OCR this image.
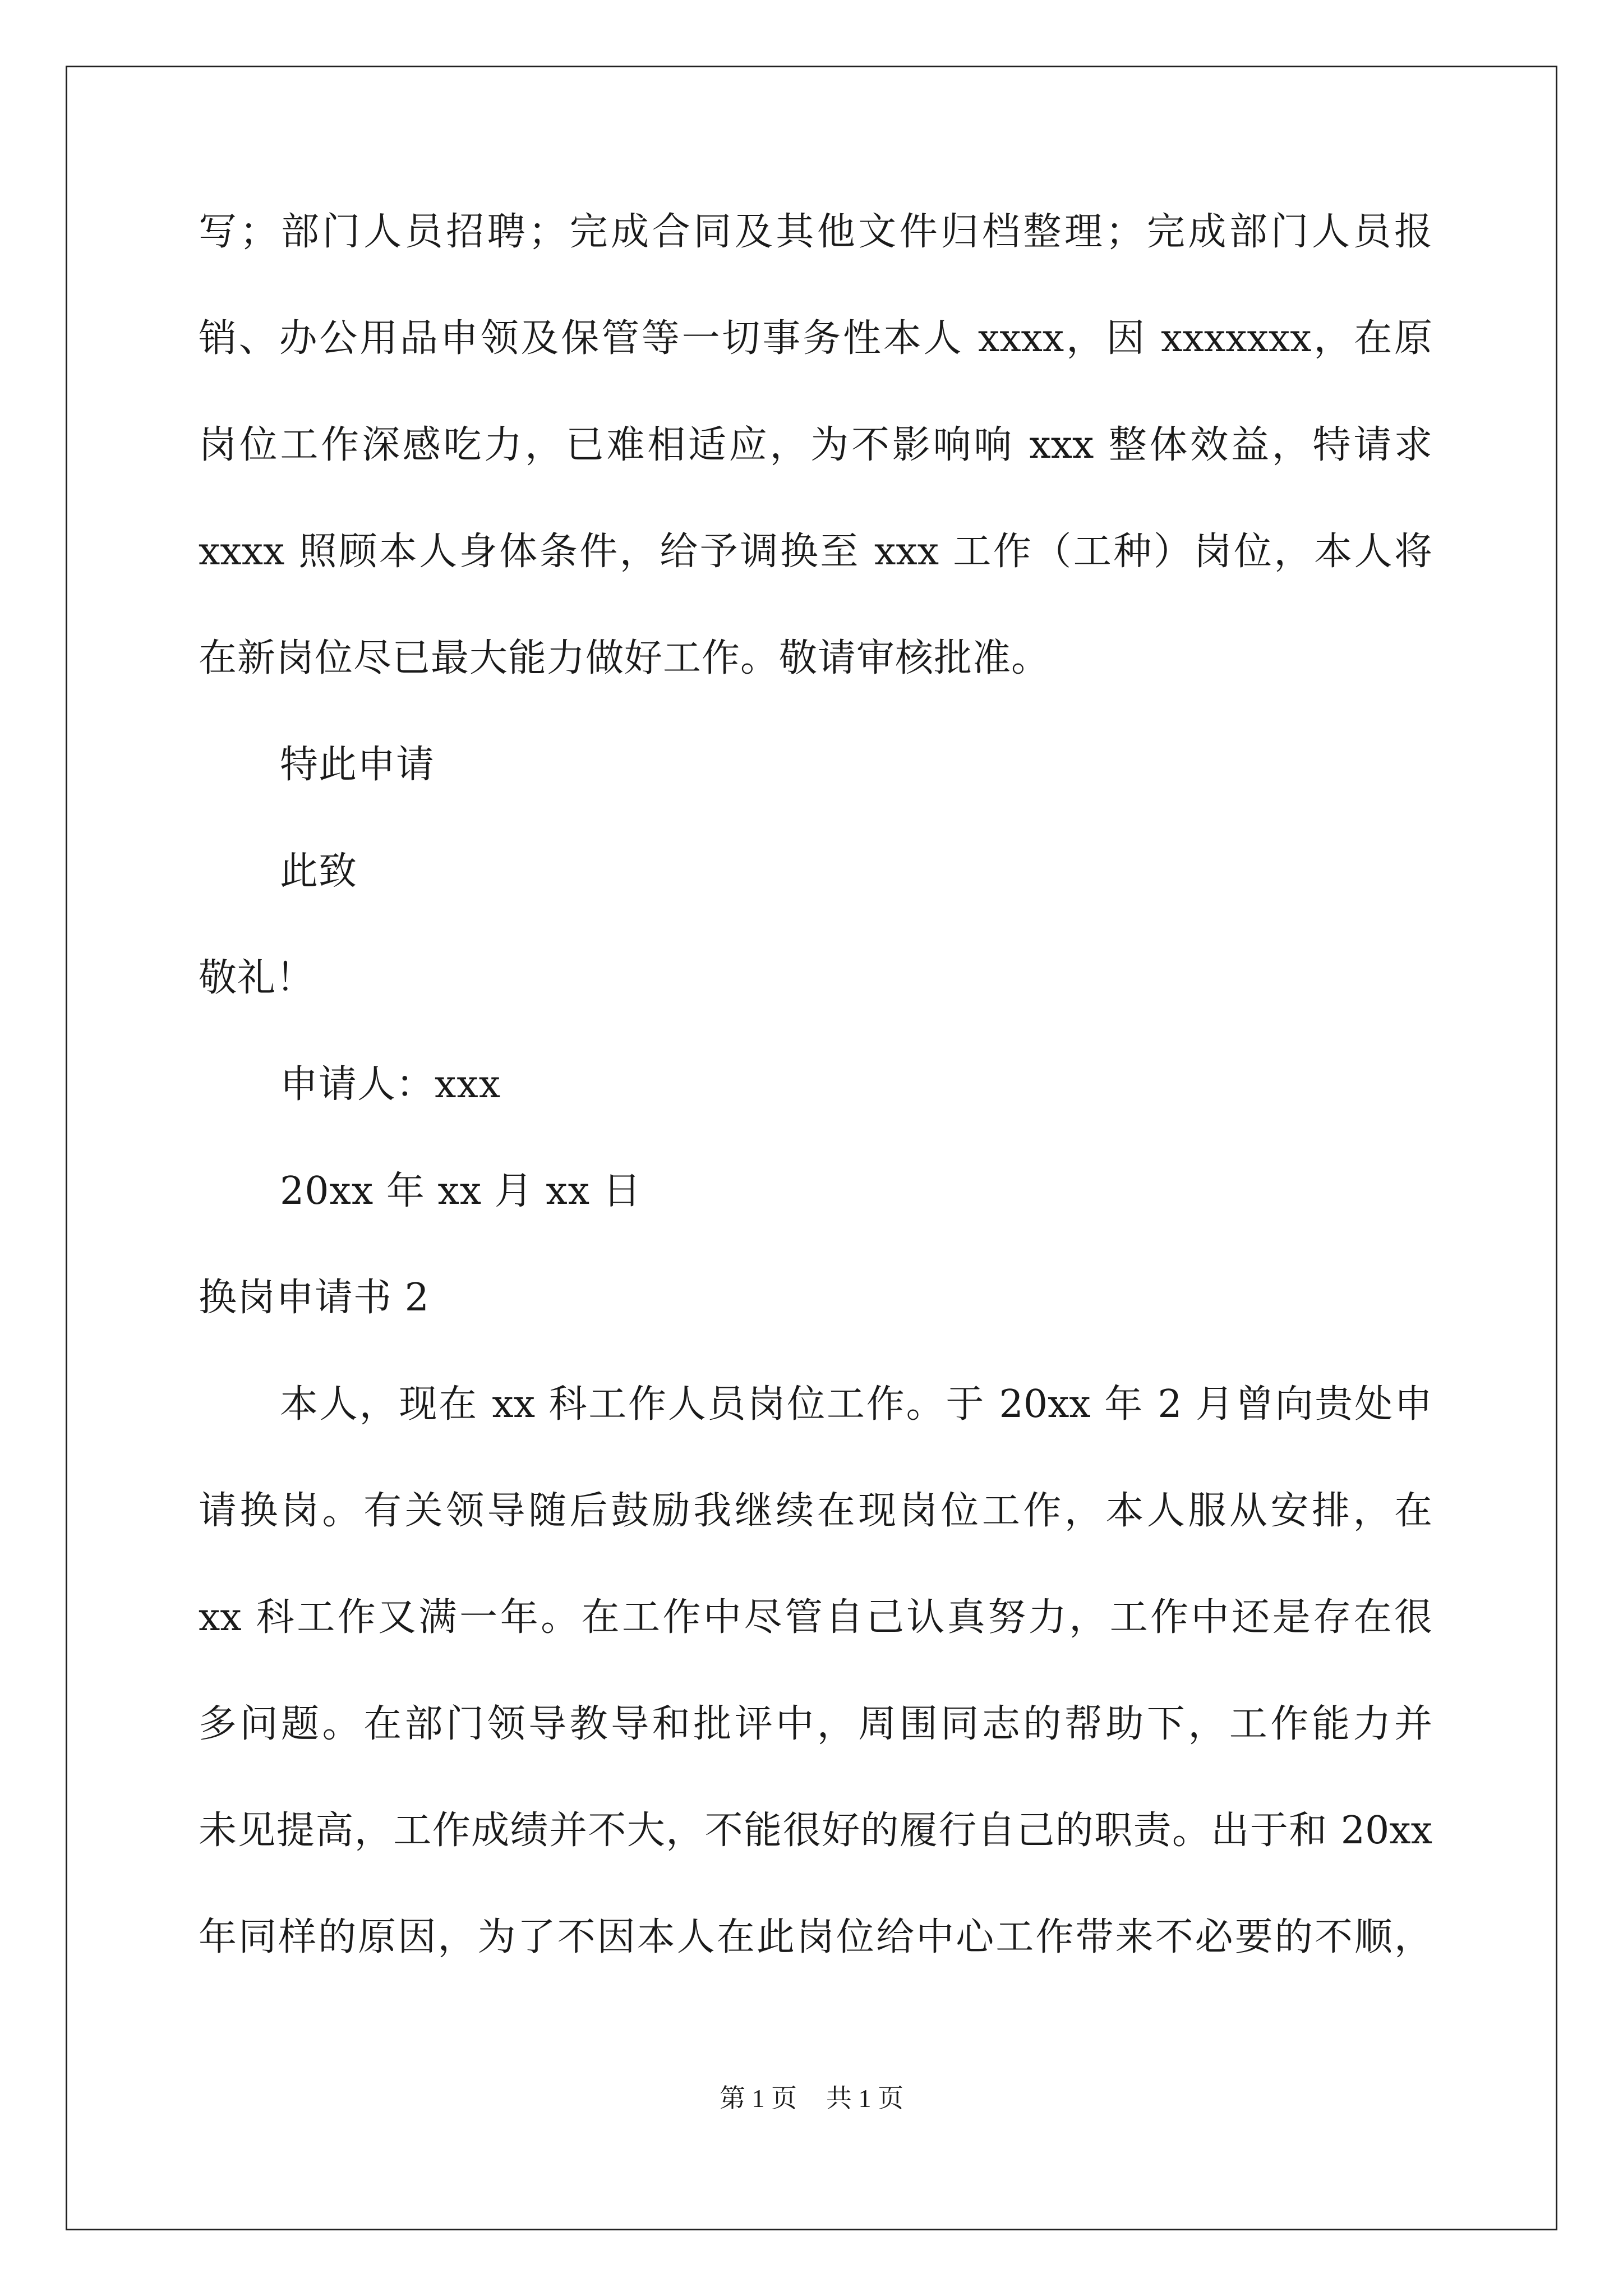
写；部门人员招聘；完成合同及其他文件归档整理；完成部门人员报
销、办公用品申领及保管等一切事务性本人 xxxx，因 xxxxxxx，在原
岗位工作深感吃力，已难相适应，为不影响响 xxx 整体效益，特请求
xxxx 照顾本人身体条件，给予调换至 xxx 工作（工种）岗位，本人将
在新岗位尽已最大能力做好工作。敬请审核批准。
特此申请
此致
敬礼！
申请人：xxx
20xx 年 xx 月 xx 日
换岗申请书 2
本人，现在 xx 科工作人员岗位工作。于 20xx 年 2 月曾向贵处申
请换岗。有关领导随后鼓励我继续在现岗位工作，本人服从安排，在
xx 科工作又满一年。在工作中尽管自己认真努力，工作中还是存在很
多问题。在部门领导教导和批评中，周围同志的帮助下，工作能力并
未见提高，工作成绩并不大，不能很好的履行自己的职责。出于和 20xx
年同样的原因，为了不因本人在此岗位给中心工作带来不必要的不顺，
第 1 页 共 1 页
